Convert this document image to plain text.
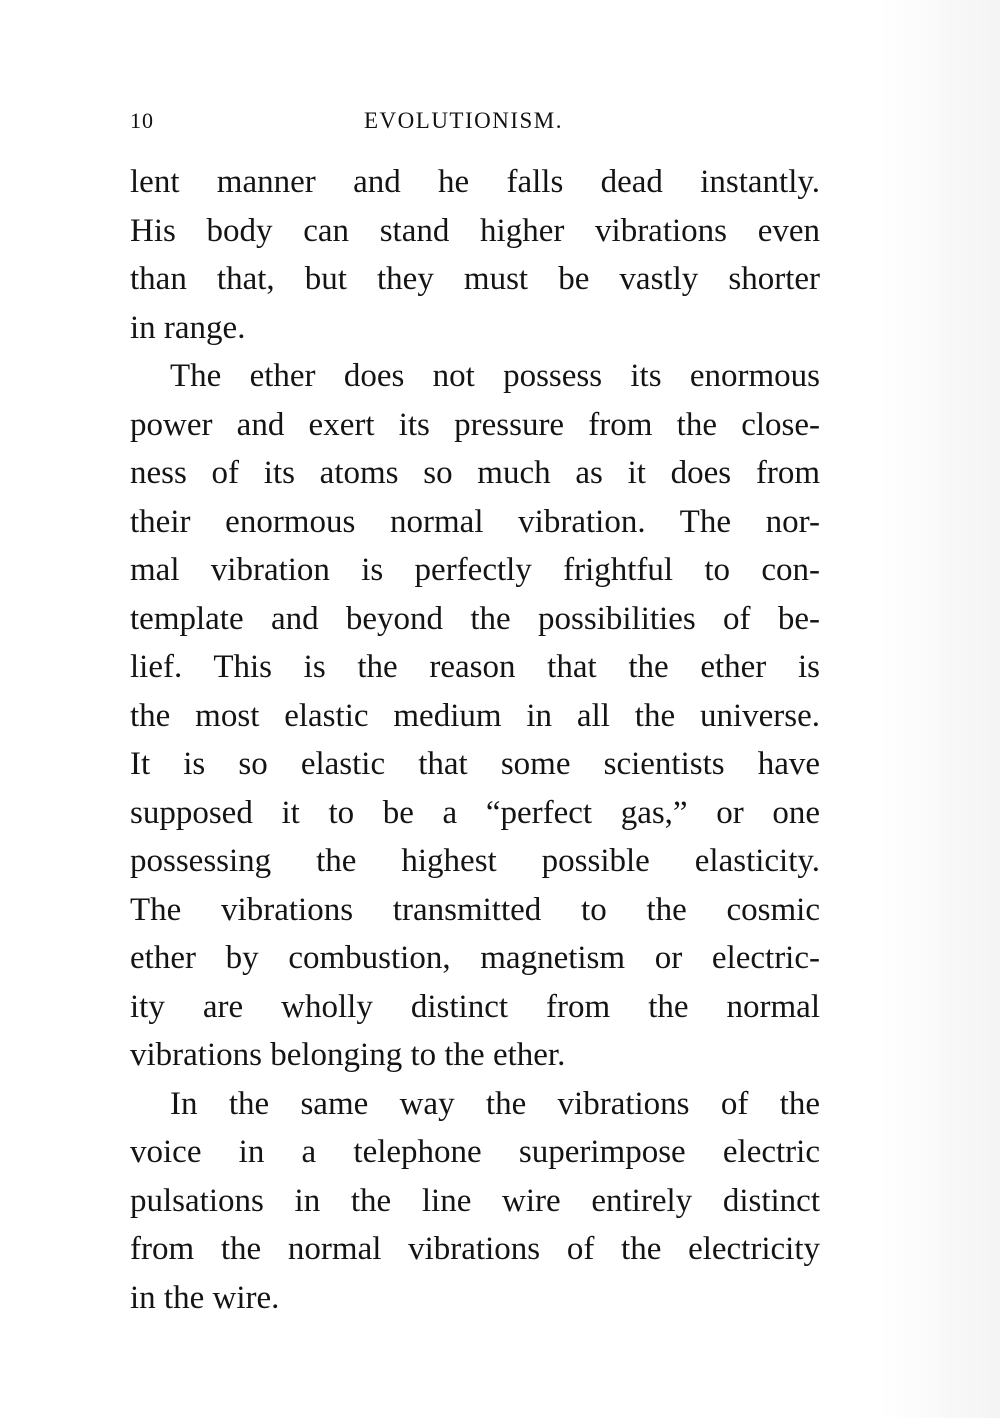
10	EVOLUTIONISM.
lent manner and he falls dead instantly.
His body can stand higher vibrations even
than that, but they must be vastly shorter
in range.
The ether does not possess its enormous
power and exert its pressure from the close-
ness of its atoms so much as it does from
their enormous normal vibration. The nor-
mal vibration is perfectly frightful to con-
template and beyond the possibilities of be-
lief. This is the reason that the ether is
the most elastic medium in all the universe.
It is so elastic that some scientists have
supposed it to be a “perfect gas,” or one
possessing the highest possible elasticity.
The vibrations transmitted to the cosmic
ether by combustion, magnetism or electric-
ity are wholly distinct from the normal
vibrations belonging to the ether.
In the same way the vibrations of the
voice in a telephone superimpose electric
pulsations in the line wire entirely distinct
from the normal vibrations of the electricity
in the wire.
